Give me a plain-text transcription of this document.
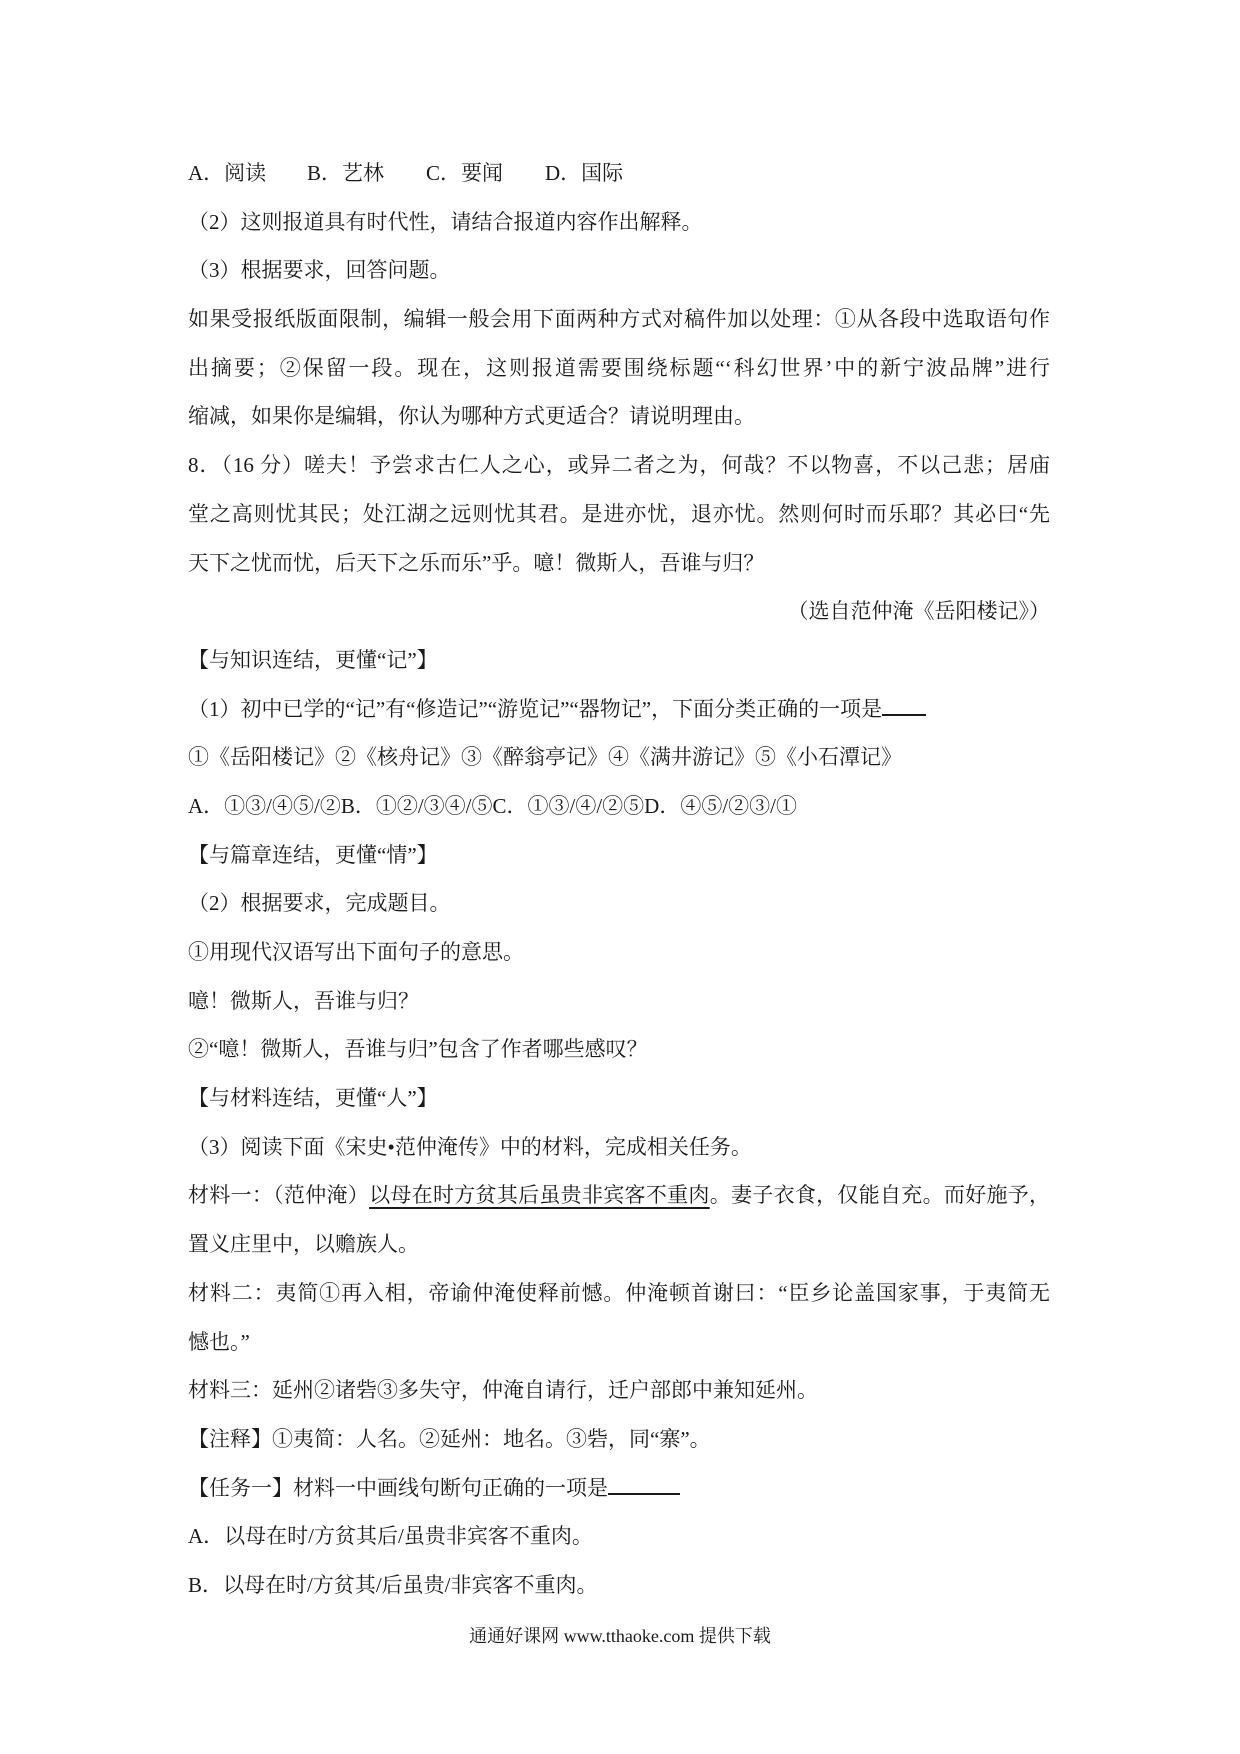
A．阅读 B．艺林 C．要闻 D．国际
（2）这则报道具有时代性，请结合报道内容作出解释。
（3）根据要求，回答问题。
如果受报纸版面限制，编辑一般会用下面两种方式对稿件加以处理：①从各段中选取语句作
出摘要；②保留一段。现在，这则报道需要围绕标题“‘科幻世界’中的新宁波品牌”进行
缩减，如果你是编辑，你认为哪种方式更适合？请说明理由。
8．（16 分）嗟夫！予尝求古仁人之心，或异二者之为，何哉？不以物喜，不以己悲；居庙
堂之高则忧其民；处江湖之远则忧其君。是进亦忧，退亦忧。然则何时而乐耶？其必曰“先
天下之忧而忧，后天下之乐而乐”乎。噫！微斯人，吾谁与归？
（选自范仲淹《岳阳楼记》）
【与知识连结，更懂“记”】
（1）初中已学的“记”有“修造记”“游览记”“器物记”，下面分类正确的一项是
①《岳阳楼记》②《核舟记》③《醉翁亭记》④《满井游记》⑤《小石潭记》
A．①③/④⑤/②B．①②/③④/⑤C．①③/④/②⑤D．④⑤/②③/①
【与篇章连结，更懂“情”】
（2）根据要求，完成题目。
①用现代汉语写出下面句子的意思。
噫！微斯人，吾谁与归？
②“噫！微斯人，吾谁与归”包含了作者哪些感叹？
【与材料连结，更懂“人”】
（3）阅读下面《宋史•范仲淹传》中的材料，完成相关任务。
材料一：（范仲淹）以母在时方贫其后虽贵非宾客不重肉。妻子衣食，仅能自充。而好施予，
置义庄里中，以赡族人。
材料二：夷简①再入相，帝谕仲淹使释前憾。仲淹顿首谢曰：“臣乡论盖国家事，于夷简无
憾也。”
材料三：延州②诸砦③多失守，仲淹自请行，迁户部郎中兼知延州。
【注释】①夷简：人名。②延州：地名。③砦，同“寨”。
【任务一】材料一中画线句断句正确的一项是
A．以母在时/方贫其后/虽贵非宾客不重肉。
B．以母在时/方贫其/后虽贵/非宾客不重肉。
通通好课网 www.tthaoke.com 提供下载
